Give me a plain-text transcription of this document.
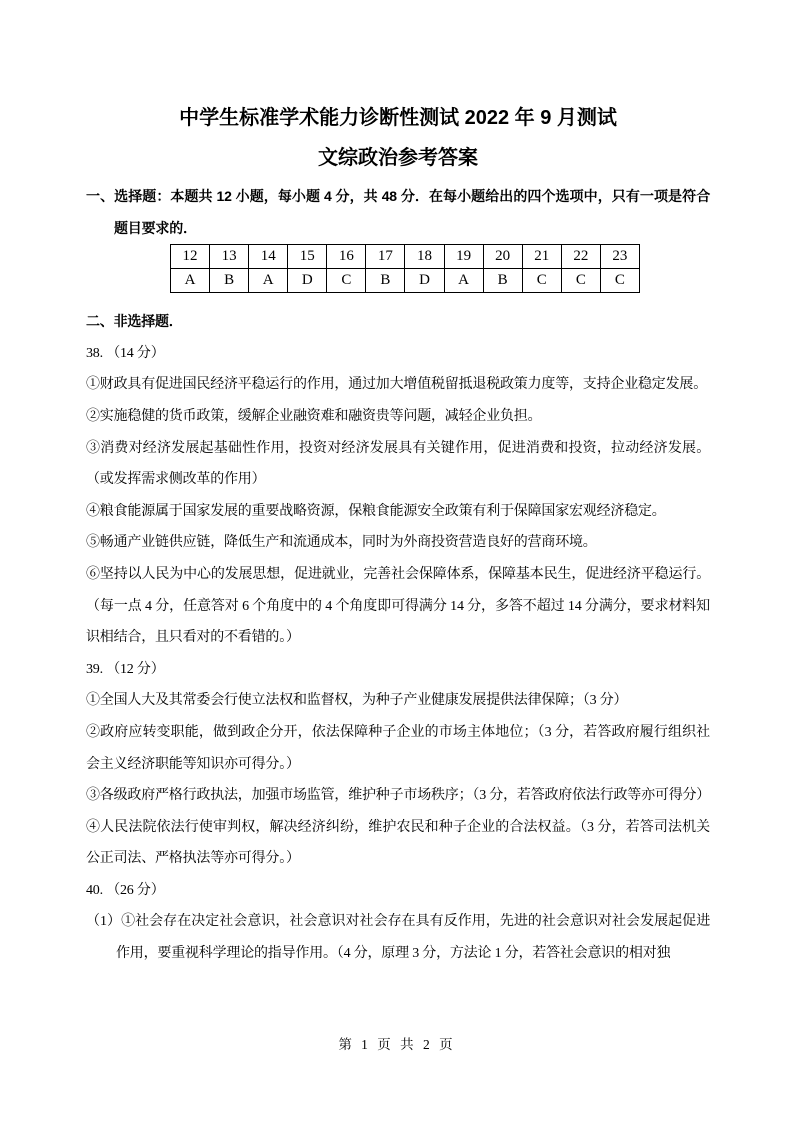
中学生标准学术能力诊断性测试 2022 年 9 月测试
文综政治参考答案

一、选择题：本题共 12 小题，每小题 4 分，共 48 分．在每小题给出的四个选项中，只有一项是符合题目要求的．

12	13	14	15	16	17	18	19	20	21	22	23
A	B	A	D	C	B	D	A	B	C	C	C

二、非选择题．

38. （14 分）

①财政具有促进国民经济平稳运行的作用，通过加大增值税留抵退税政策力度等，支持企业稳定发展。

②实施稳健的货币政策，缓解企业融资难和融资贵等问题，减轻企业负担。

③消费对经济发展起基础性作用，投资对经济发展具有关键作用，促进消费和投资，拉动经济发展。（或发挥需求侧改革的作用）

④粮食能源属于国家发展的重要战略资源，保粮食能源安全政策有利于保障国家宏观经济稳定。

⑤畅通产业链供应链，降低生产和流通成本，同时为外商投资营造良好的营商环境。

⑥坚持以人民为中心的发展思想，促进就业，完善社会保障体系，保障基本民生，促进经济平稳运行。（每一点 4 分，任意答对 6 个角度中的 4 个角度即可得满分 14 分，多答不超过 14 分满分，要求材料知识相结合，且只看对的不看错的。）

39. （12 分）

①全国人大及其常委会行使立法权和监督权，为种子产业健康发展提供法律保障；（3 分）

②政府应转变职能，做到政企分开，依法保障种子企业的市场主体地位；（3 分，若答政府履行组织社会主义经济职能等知识亦可得分。）

③各级政府严格行政执法，加强市场监管，维护种子市场秩序；（3 分，若答政府依法行政等亦可得分）

④人民法院依法行使审判权，解决经济纠纷，维护农民和种子企业的合法权益。（3 分，若答司法机关公正司法、严格执法等亦可得分。）

40. （26 分）

（1）①社会存在决定社会意识，社会意识对社会存在具有反作用，先进的社会意识对社会发展起促进作用，要重视科学理论的指导作用。（4 分，原理 3 分，方法论 1 分，若答社会意识的相对独

第 1 页 共 2 页
